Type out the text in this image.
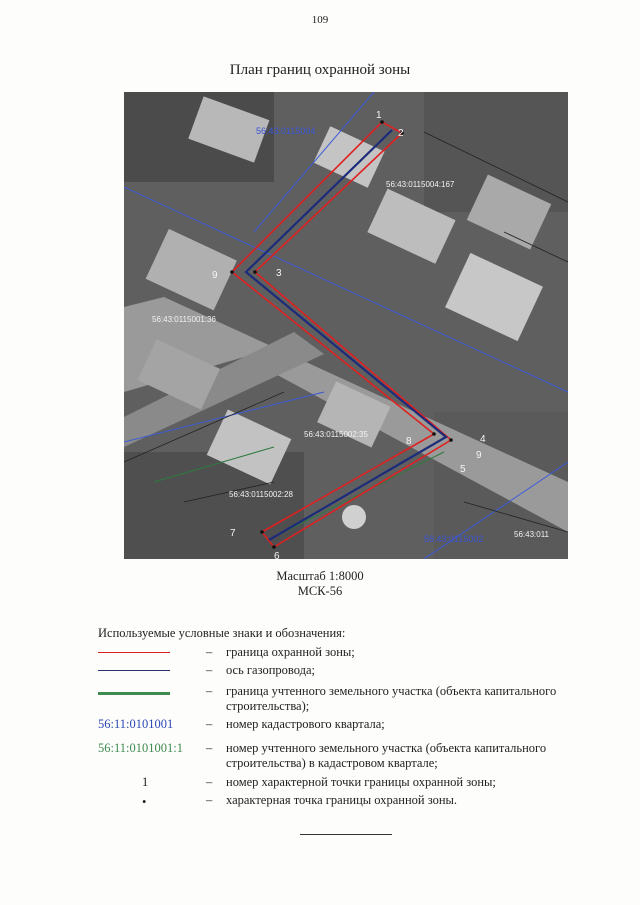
109
План границ охранной зоны
56:43:0115004
56:43:0115002	56:43:011
56:43:0115004:167
56:43:0115001:36
56:43:0115002:35
56:43:0115002:28
1
2
3
4
5
6
7
8
9
9
Масштаб 1:8000
МСК-56
Используемые условные знаки и обозначения:
– граница охранной зоны;
– ось газопровода;
– граница учтенного земельного участка (объекта капитального строительства);
56:11:0101001	– номер кадастрового квартала;
56:11:0101001:1	– номер учтенного земельного участка (объекта капитального строительства) в кадастровом квартале;
1	– номер характерной точки границы охранной зоны;
•	– характерная точка границы охранной зоны.
